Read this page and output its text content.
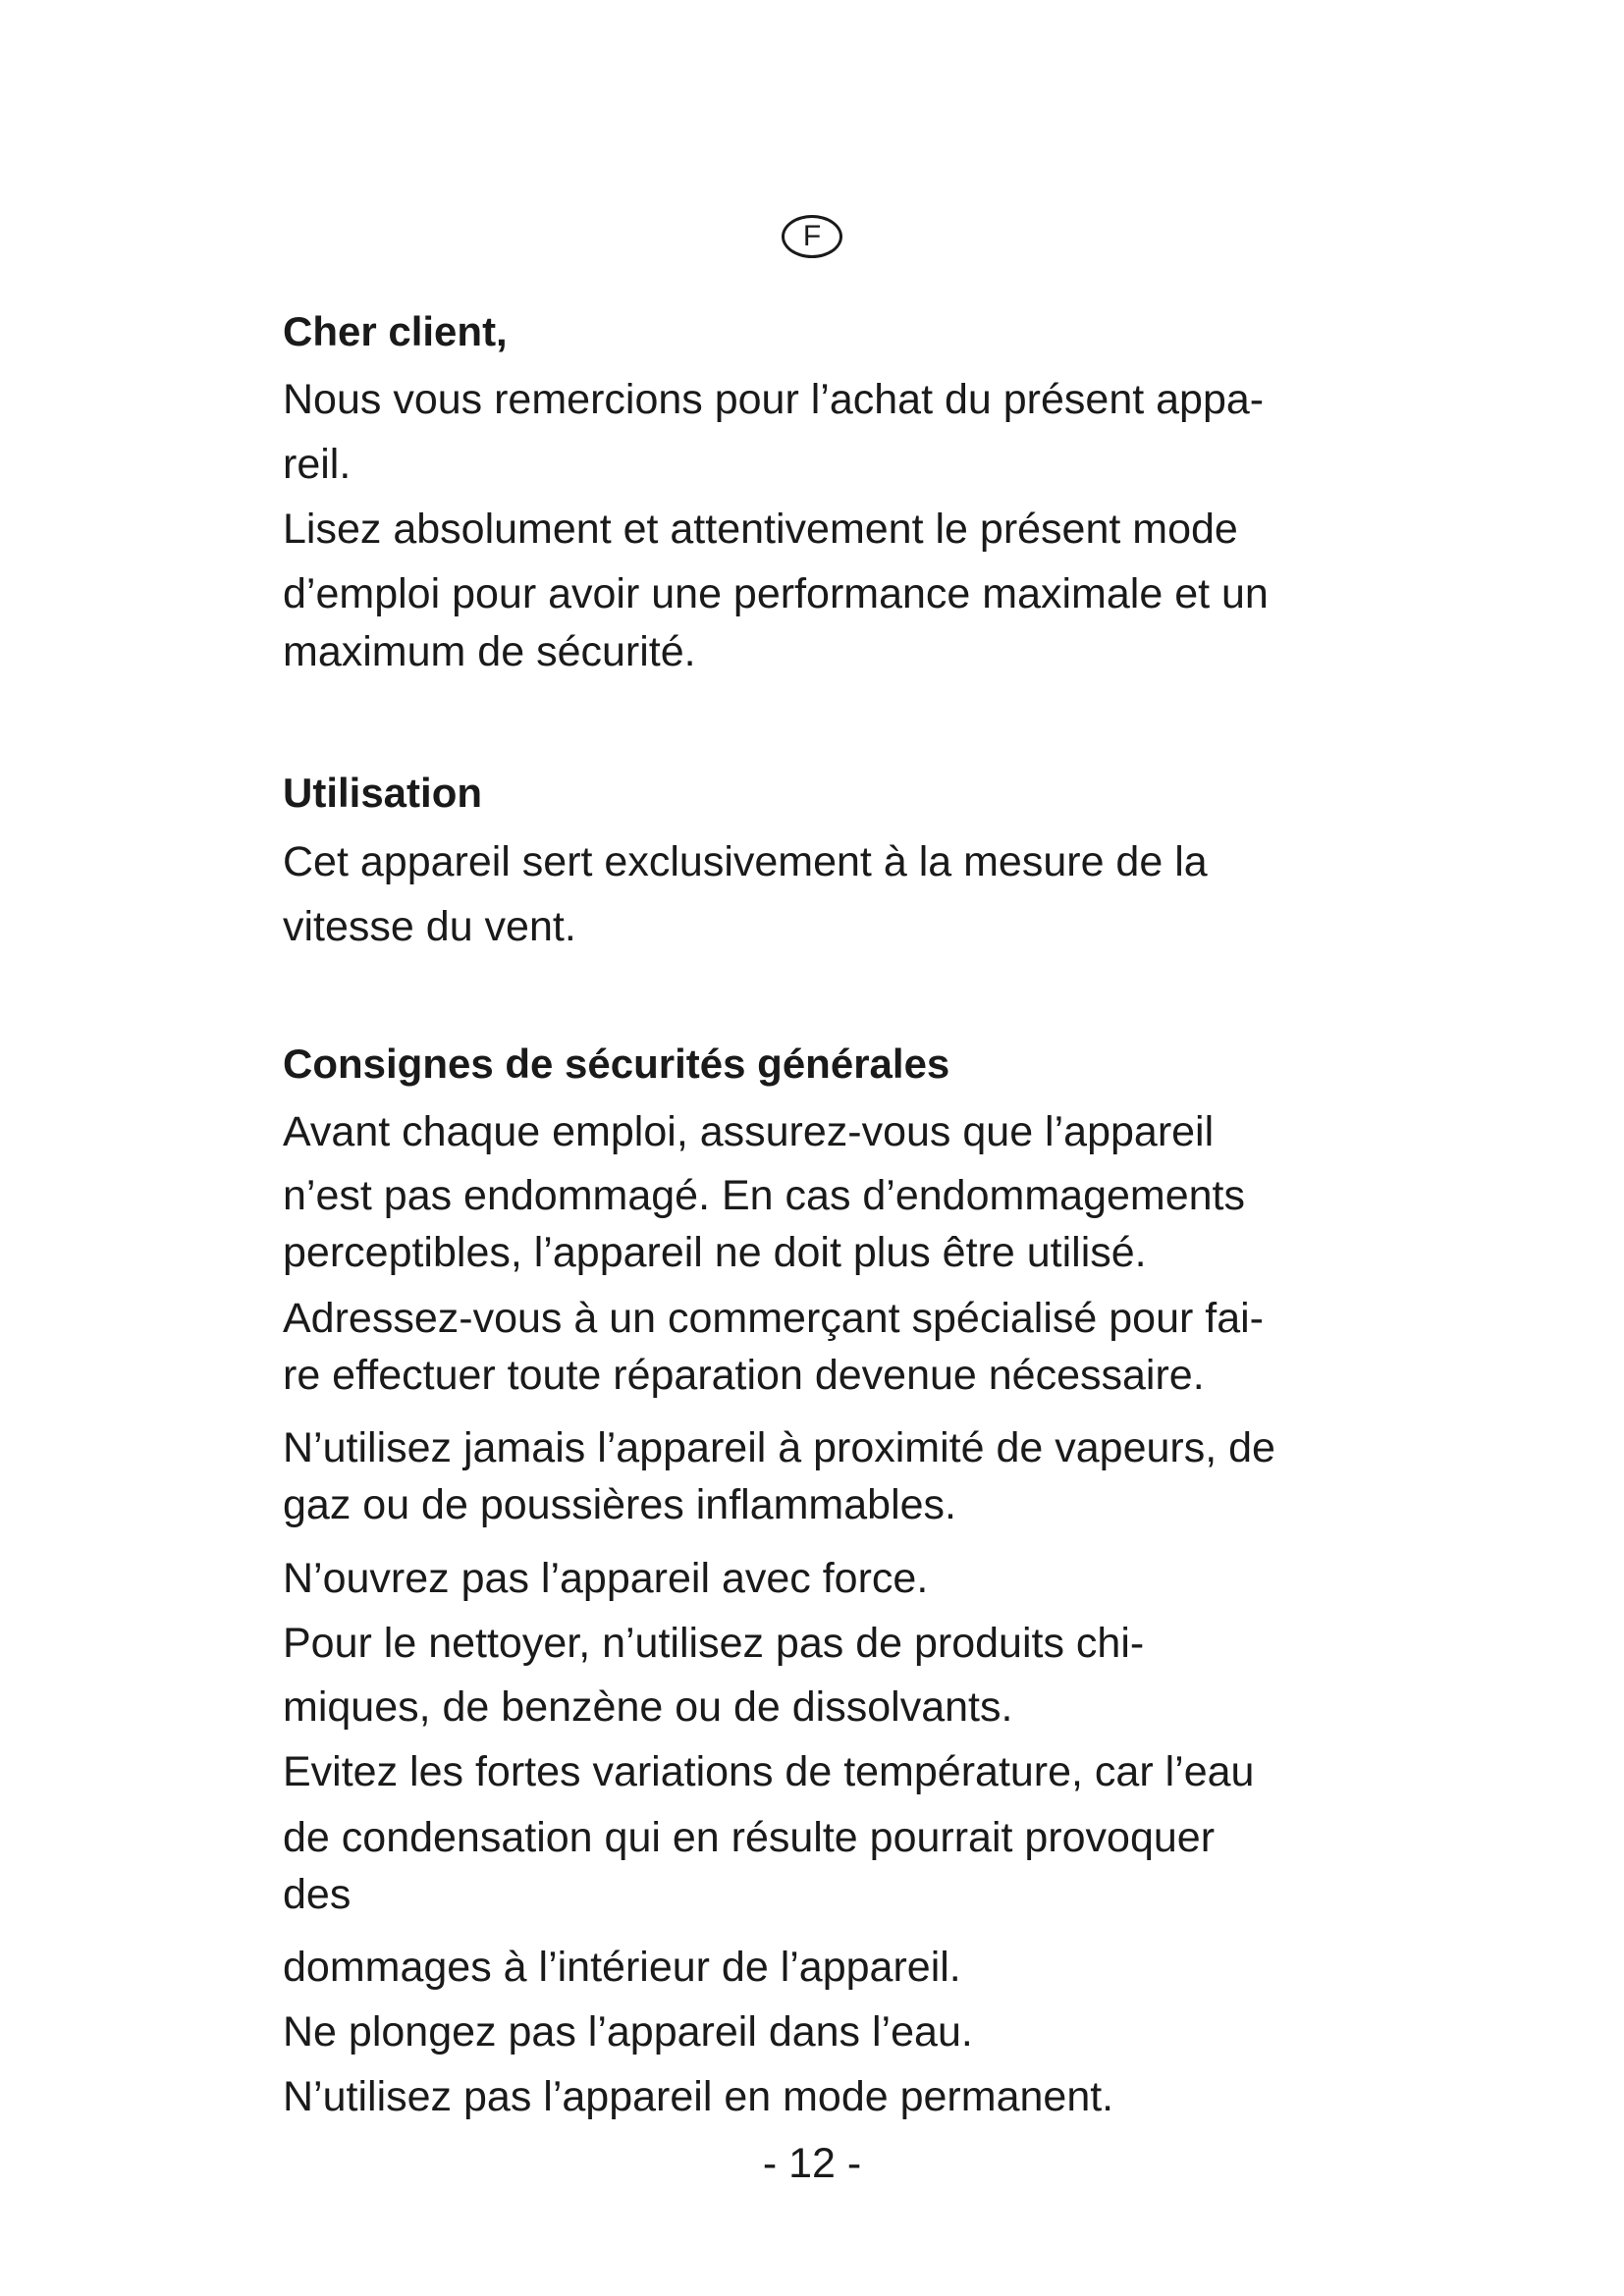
F
Cher client,
Nous vous remercions pour l’achat du présent appa-
reil.
Lisez absolument et attentivement le présent mode
d’emploi pour avoir une performance maximale et un
maximum de sécurité.
Utilisation
Cet appareil sert exclusivement à la mesure de la
vitesse du vent.
Consignes de sécurités générales
Avant chaque emploi, assurez-vous que l’appareil
n’est pas endommagé. En cas d’endommagements
perceptibles, l’appareil ne doit plus être utilisé.
Adressez-vous à un commerçant spécialisé pour fai-
re effectuer toute réparation devenue nécessaire.
N’utilisez jamais l’appareil à proximité de vapeurs, de
gaz ou de poussières inflammables.
N’ouvrez pas l’appareil avec force.
Pour le nettoyer, n’utilisez pas de produits chi-
miques, de benzène ou de dissolvants.
Evitez les fortes variations de température, car l’eau
de condensation qui en résulte pourrait provoquer
des
dommages à l’intérieur de l’appareil.
Ne plongez pas l’appareil dans l’eau.
N’utilisez pas l’appareil en mode permanent.
- 12 -
